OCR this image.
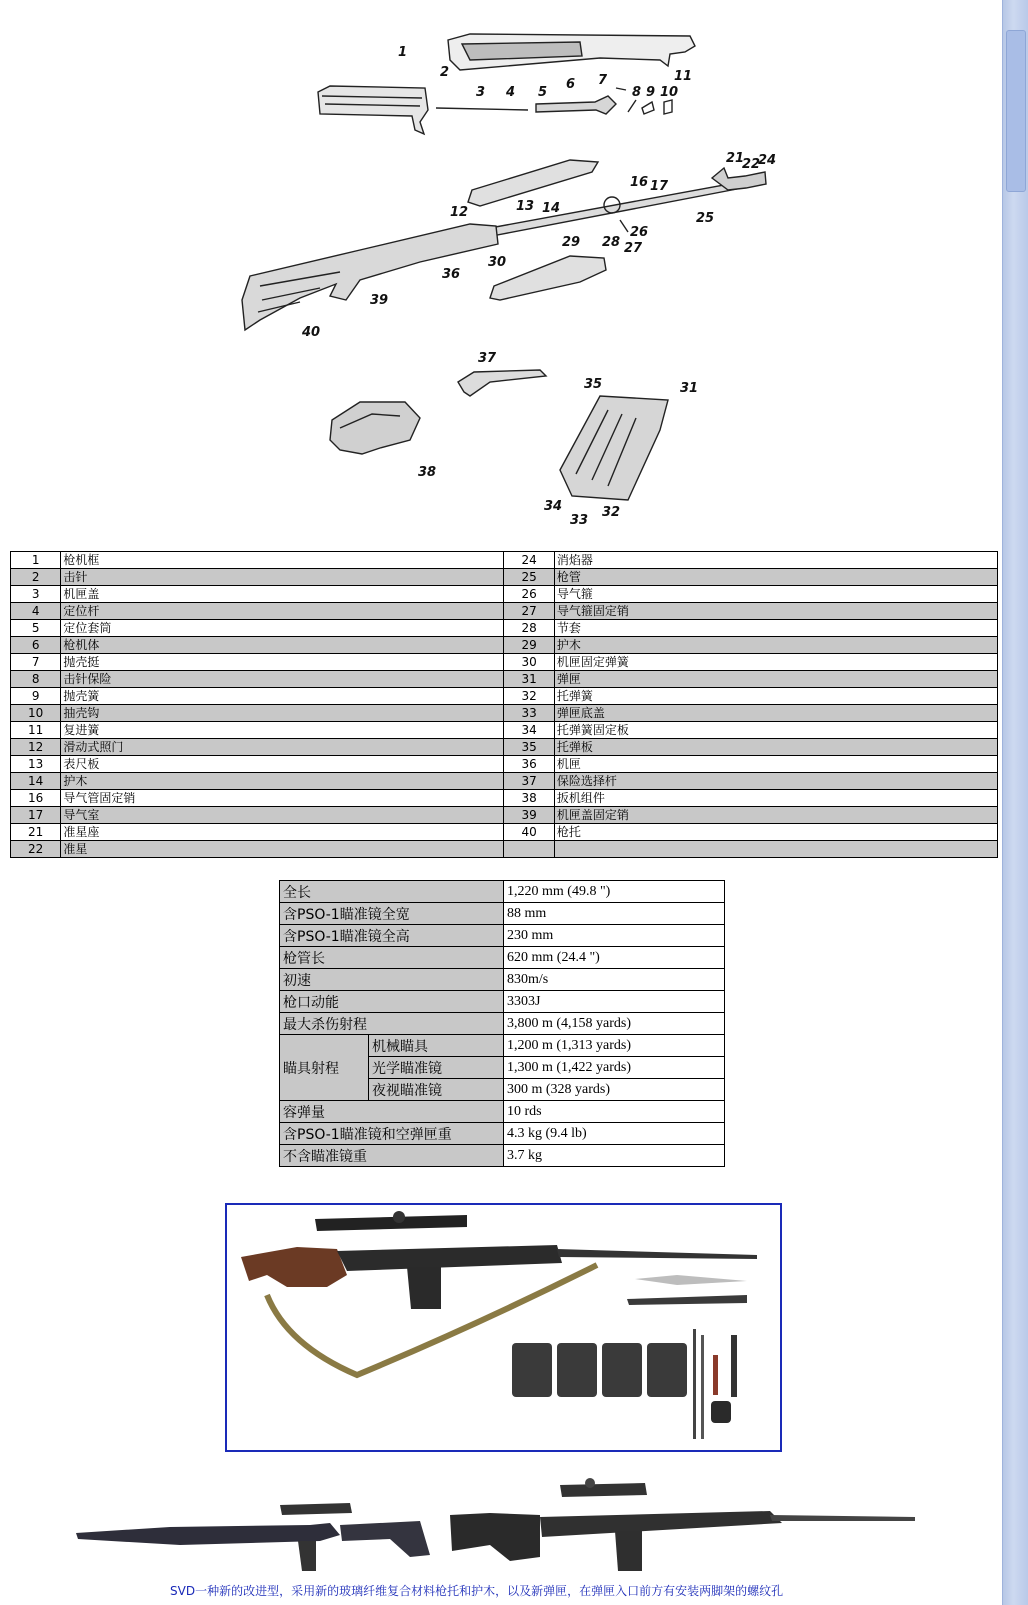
1
2
3 4 5
6 7
8 9 10
11
12	13 14
16 17
21
22
24
25
26
27
28
29
30
31
32
33
34
35
36
37
38
39
40
1	枪机框	24	消焰器
2	击针	25	枪管
3	机匣盖	26	导气箍
4	定位杆	27	导气箍固定销
5	定位套筒	28	节套
6	枪机体	29	护木
7	抛壳挺	30	机匣固定弹簧
8	击针保险	31	弹匣
9	抛壳簧	32	托弹簧
10	抽壳钩	33	弹匣底盖
11	复进簧	34	托弹簧固定板
12	滑动式照门	35	托弹板
13	表尺板	36	机匣
14	护木	37	保险选择杆
16	导气管固定销	38	扳机组件
17	导气室	39	机匣盖固定销
21	准星座	40	枪托
22	准星		
全长		1,220 mm (49.8 ")
含PSO-1瞄准镜全宽		88 mm
含PSO-1瞄准镜全高		230 mm
枪管长		620 mm (24.4 ")
初速		830m/s
枪口动能		3303J
最大杀伤射程		3,800 m (4,158 yards)
瞄具射程	机械瞄具	1,200 m (1,313 yards)
	光学瞄准镜	1,300 m (1,422 yards)
	夜视瞄准镜	300 m (328 yards)
容弹量		10 rds
含PSO-1瞄准镜和空弹匣重		4.3 kg (9.4 lb)
不含瞄准镜重		3.7 kg
SVD一种新的改进型，采用新的玻璃纤维复合材料枪托和护木，以及新弹匣，在弹匣入口前方有安装两脚架的螺纹孔
